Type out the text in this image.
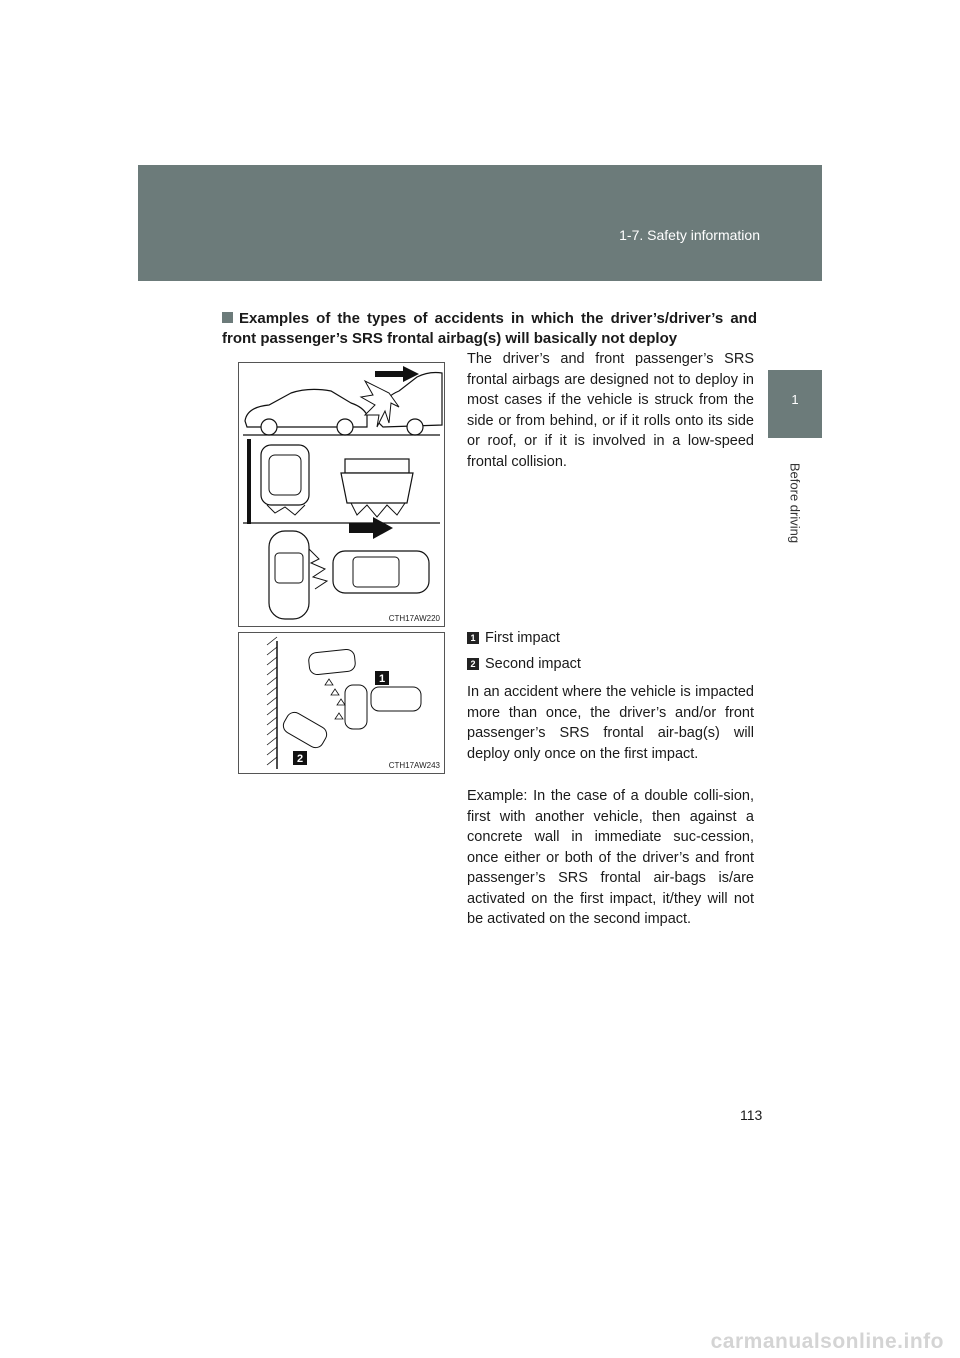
1-7. Safety information
1
Before driving
Examples of the types of accidents in which the driver’s/driver’s and front passenger’s SRS frontal airbag(s) will basically not deploy
CTH17AW220
1
2
CTH17AW243

The driver’s and front passenger’s SRS frontal airbags are designed not to deploy in most cases if the vehicle is struck from the side or from behind, or if it rolls onto its side or roof, or if it is involved in a low-speed frontal collision.

1 First impact
2 Second impact

In an accident where the vehicle is impacted more than once, the driver’s and/or front passenger’s SRS frontal air-bag(s) will deploy only once on the first impact.

Example: In the case of a double colli-sion, first with another vehicle, then against a concrete wall in immediate suc-cession, once either or both of the driver’s and front passenger’s SRS frontal air-bags is/are activated on the first impact, it/they will not be activated on the second impact.

113
carmanualsonline.info
